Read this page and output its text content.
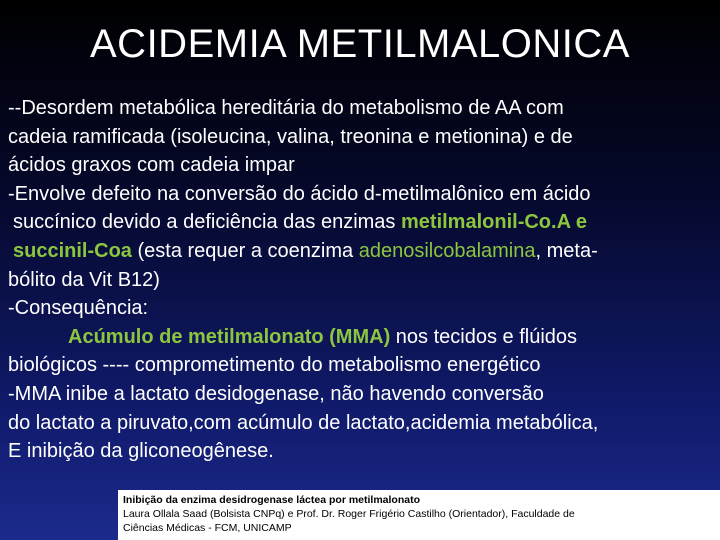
ACIDEMIA METILMALONICA
--Desordem metabólica hereditária do metabolismo de AA com
cadeia ramificada (isoleucina, valina, treonina e metionina) e de
ácidos graxos com cadeia impar
-Envolve defeito na conversão do ácido d-metilmalônico em ácido
succínico devido a deficiência das enzimas metilmalonil-Co.A e
succinil-Coa (esta requer a coenzima adenosilcobalamina, meta-
bólito da Vit B12)
-Consequência:
Acúmulo de metilmalonato (MMA) nos tecidos e flúidos
biológicos ---- comprometimento do metabolismo energético
-MMA inibe a lactato desidogenase, não havendo conversão
do lactato a piruvato,com acúmulo de lactato,acidemia metabólica,
E inibição da gliconeogênese.
Inibição da enzima desidrogenase láctea por metilmalonato
Laura Ollala Saad (Bolsista CNPq) e Prof. Dr. Roger Frigério Castilho (Orientador), Faculdade de
Ciências Médicas - FCM, UNICAMP
